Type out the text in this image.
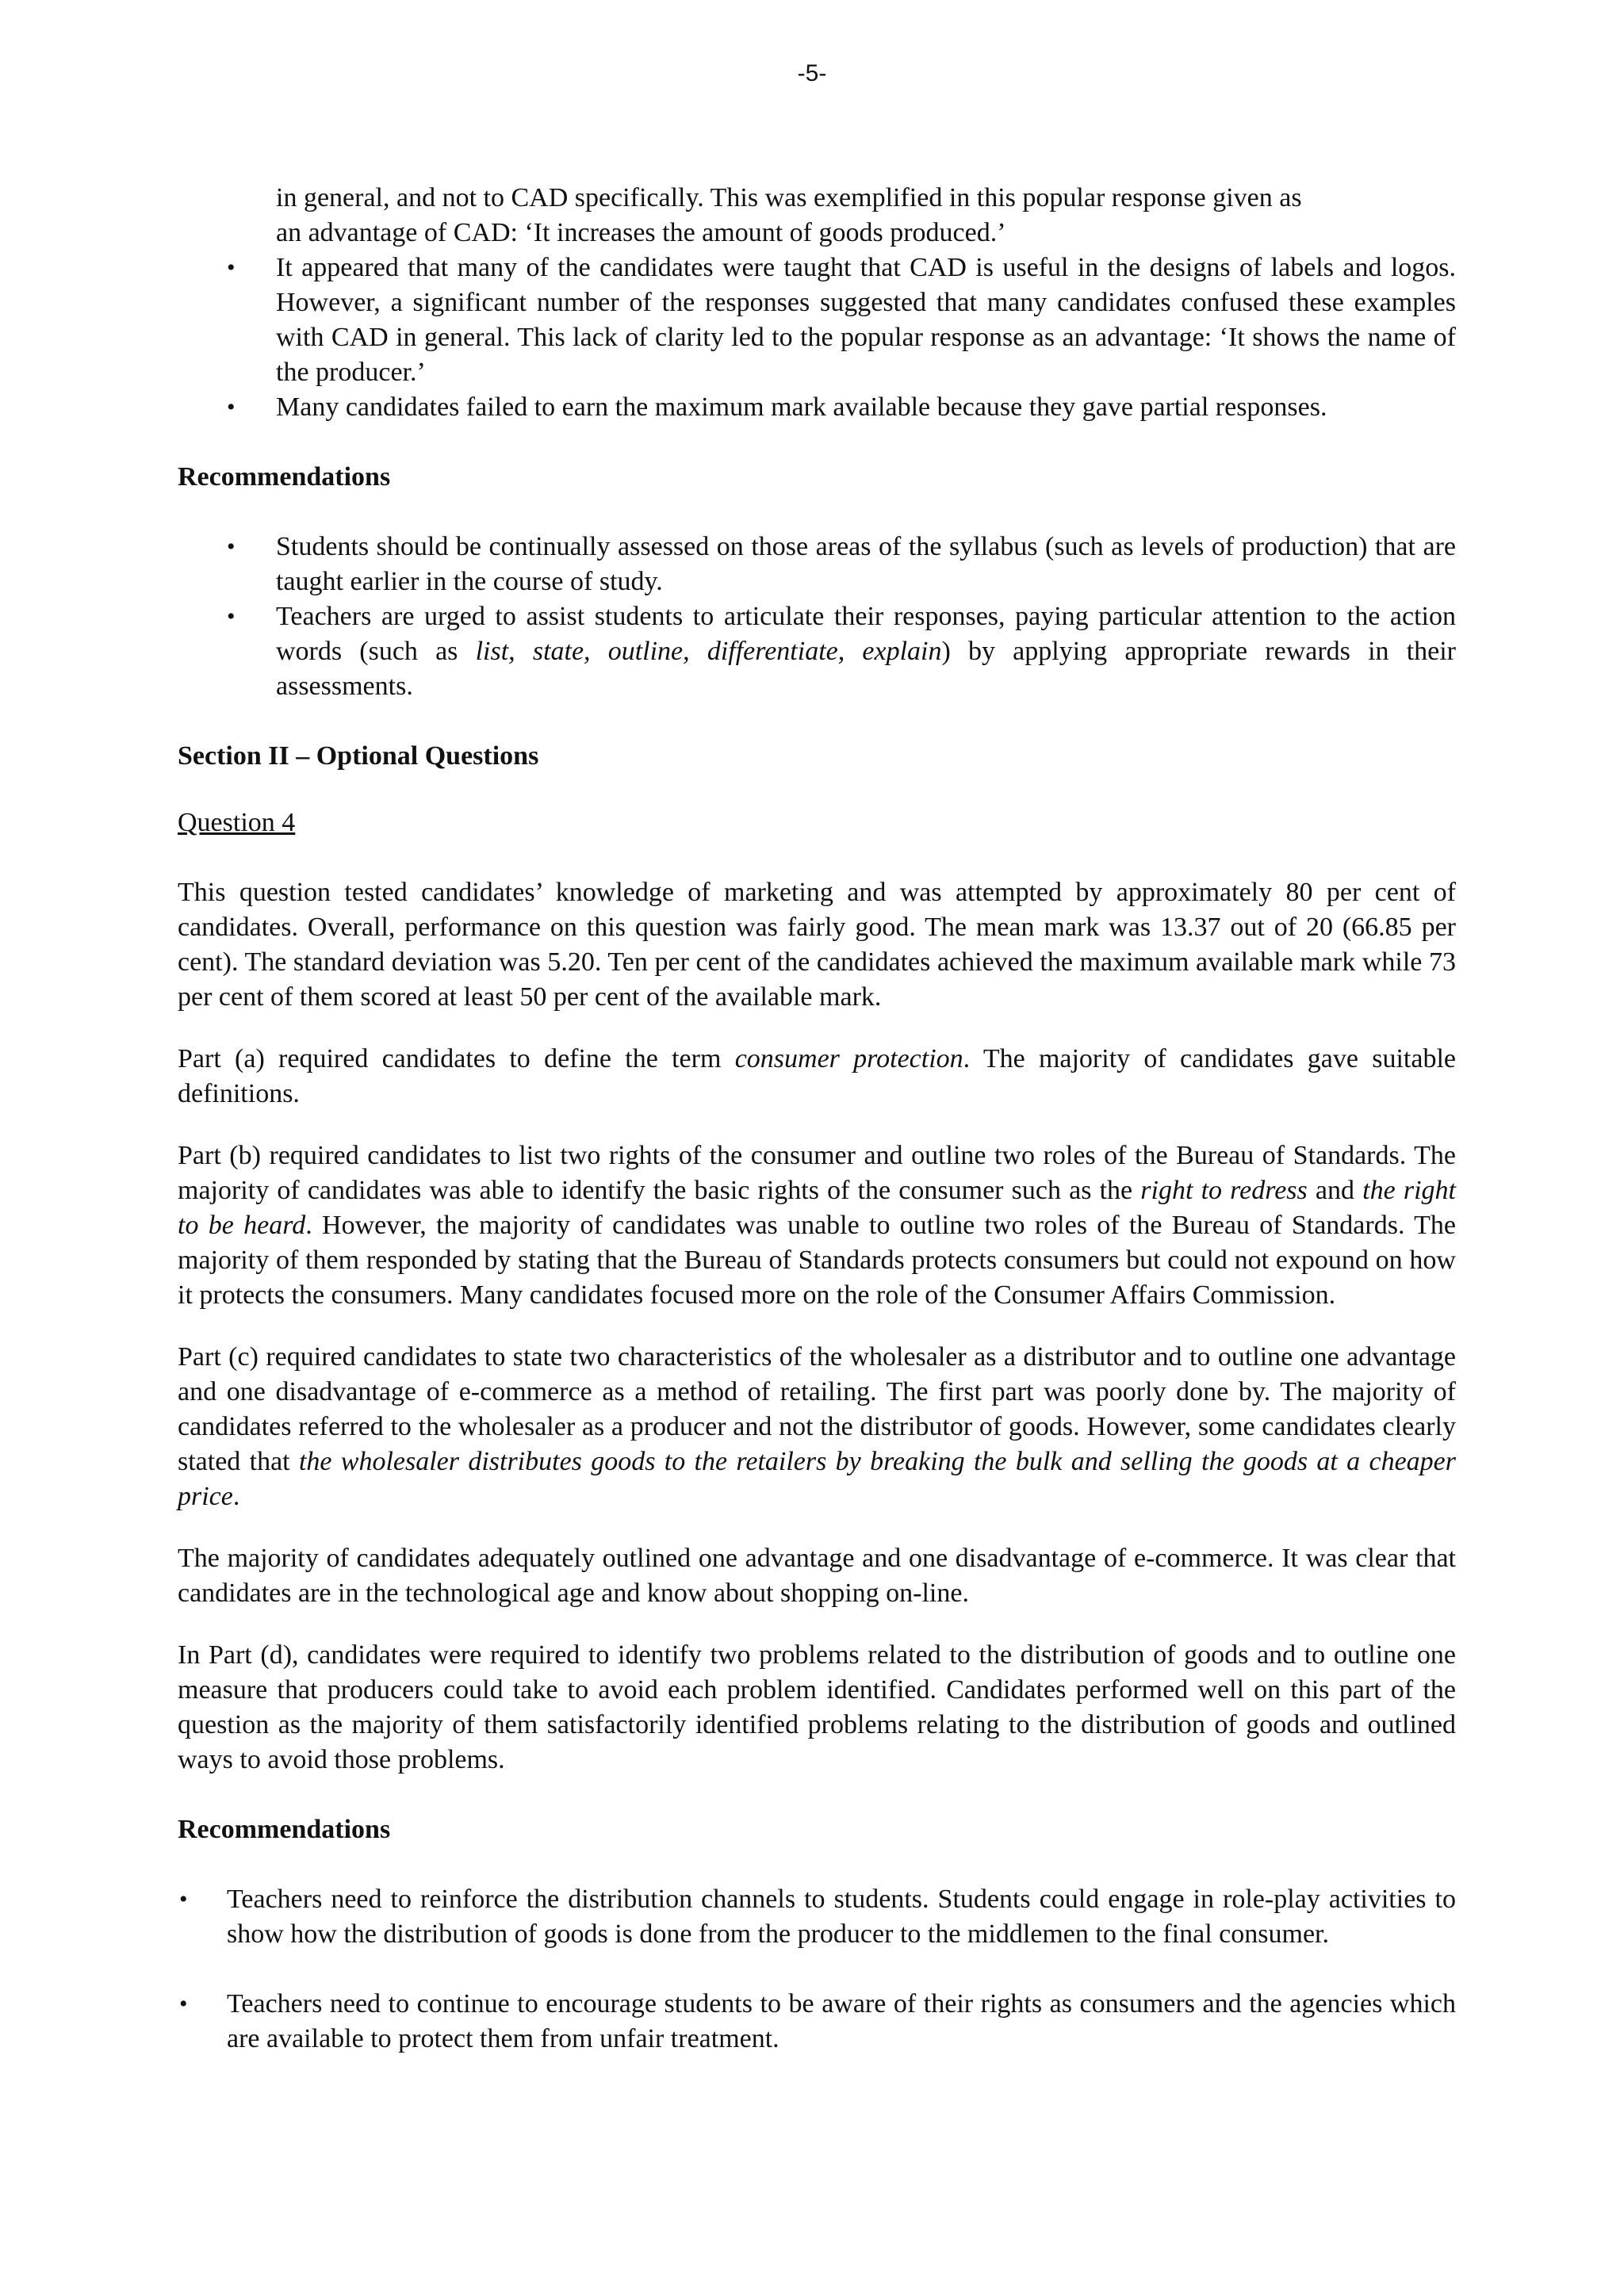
-5-

in general, and not to CAD specifically. This was exemplified in this popular response given as

an advantage of CAD: ‘It increases the amount of goods produced.’

• It appeared that many of the candidates were taught that CAD is useful in the designs of labels and logos. However, a significant number of the responses suggested that many candidates confused these examples with CAD in general. This lack of clarity led to the popular response as an advantage: ‘It shows the name of the producer.’
• Many candidates failed to earn the maximum mark available because they gave partial responses.

Recommendations

• Students should be continually assessed on those areas of the syllabus (such as levels of production) that are taught earlier in the course of study.
• Teachers are urged to assist students to articulate their responses, paying particular attention to the action words (such as list, state, outline, differentiate, explain) by applying appropriate rewards in their assessments.

Section II – Optional Questions

Question 4

This question tested candidates’ knowledge of marketing and was attempted by approximately 80 per cent of candidates. Overall, performance on this question was fairly good. The mean mark was 13.37 out of 20 (66.85 per cent). The standard deviation was 5.20. Ten per cent of the candidates achieved the maximum available mark while 73 per cent of them scored at least 50 per cent of the available mark.

Part (a) required candidates to define the term consumer protection. The majority of candidates gave suitable definitions.

Part (b) required candidates to list two rights of the consumer and outline two roles of the Bureau of Standards. The majority of candidates was able to identify the basic rights of the consumer such as the right to redress and the right to be heard. However, the majority of candidates was unable to outline two roles of the Bureau of Standards. The majority of them responded by stating that the Bureau of Standards protects consumers but could not expound on how it protects the consumers. Many candidates focused more on the role of the Consumer Affairs Commission.

Part (c) required candidates to state two characteristics of the wholesaler as a distributor and to outline one advantage and one disadvantage of e-commerce as a method of retailing. The first part was poorly done by. The majority of candidates referred to the wholesaler as a producer and not the distributor of goods. However, some candidates clearly stated that the wholesaler distributes goods to the retailers by breaking the bulk and selling the goods at a cheaper price.

The majority of candidates adequately outlined one advantage and one disadvantage of e-commerce. It was clear that candidates are in the technological age and know about shopping on-line.

In Part (d), candidates were required to identify two problems related to the distribution of goods and to outline one measure that producers could take to avoid each problem identified. Candidates performed well on this part of the question as the majority of them satisfactorily identified problems relating to the distribution of goods and outlined ways to avoid those problems.

Recommendations

• Teachers need to reinforce the distribution channels to students. Students could engage in role-play activities to show how the distribution of goods is done from the producer to the middlemen to the final consumer.
• Teachers need to continue to encourage students to be aware of their rights as consumers and the agencies which are available to protect them from unfair treatment.
